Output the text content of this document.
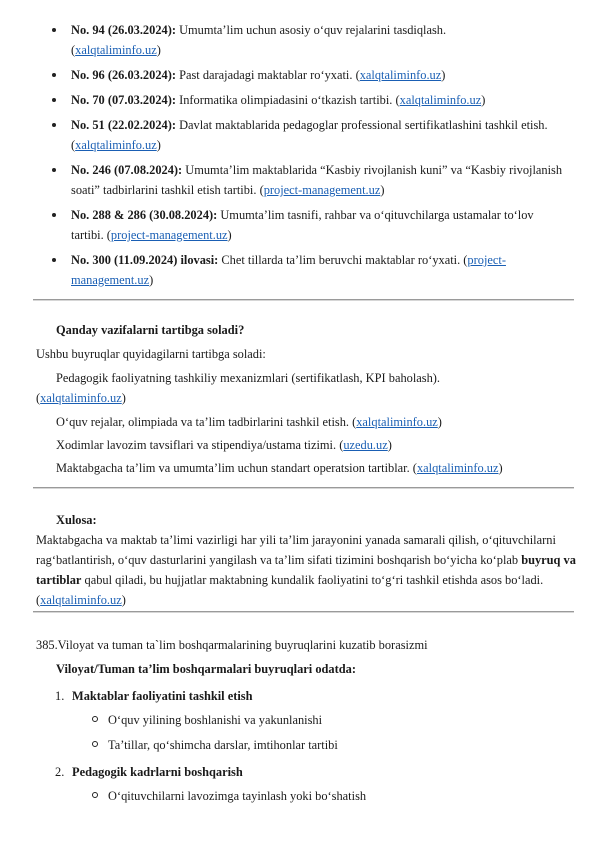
No. 94 (26.03.2024): Umumta’lim uchun asosiy o‘quv rejalarini tasdiqlash.
(xalqtaliminfo.uz)
No. 96 (26.03.2024): Past darajadagi maktablar ro‘yxati. (xalqtaliminfo.uz)
No. 70 (07.03.2024): Informatika olimpiadasini o‘tkazish tartibi. (xalqtaliminfo.uz)
No. 51 (22.02.2024): Davlat maktablarida pedagoglar professional sertifikatlashini tashkil etish. (xalqtaliminfo.uz)
No. 246 (07.08.2024): Umumta’lim maktablarida “Kasbiy rivojlanish kuni” va “Kasbiy rivojlanish soati” tadbirlarini tashkil etish tartibi. (project-management.uz)
No. 288 & 286 (30.08.2024): Umumta’lim tasnifi, rahbar va o‘qituvchilarga ustamalar to‘lov tartibi. (project-management.uz)
No. 300 (11.09.2024) ilovasi: Chet tillarda ta’lim beruvchi maktablar ro‘yxati. (project-management.uz)
Qanday vazifalarni tartibga soladi?
Ushbu buyruqlar quyidagilarni tartibga soladi:
Pedagogik faoliyatning tashkiliy mexanizmlari (sertifikatlash, KPI baholash).
(xalqtaliminfo.uz)
O‘quv rejalar, olimpiada va ta’lim tadbirlarini tashkil etish. (xalqtaliminfo.uz)
Xodimlar lavozim tavsiflari va stipendiya/ustama tizimi. (uzedu.uz)
Maktabgacha ta’lim va umumta’lim uchun standart operatsion tartiblar. (xalqtaliminfo.uz)
Xulosa:
Maktabgacha va maktab ta’limi vazirligi har yili ta’lim jarayonini yanada samarali qilish, o‘qituvchilarni rag‘batlantirish, o‘quv dasturlarini yangilash va ta’lim sifati tizimini boshqarish bo‘yicha ko‘plab buyruq va tartiblar qabul qiladi, bu hujjatlar maktabning kundalik faoliyatini to‘g‘ri tashkil etishda asos bo‘ladi. (xalqtaliminfo.uz)
385.Viloyat va tuman ta`lim boshqarmalarining buyruqlarini kuzatib borasizmi
Viloyat/Tuman ta’lim boshqarmalari buyruqlari odatda:
1. Maktablar faoliyatini tashkil etish
O‘quv yilining boshlanishi va yakunlanishi
Ta’tillar, qo‘shimcha darslar, imtihonlar tartibi
2. Pedagogik kadrlarni boshqarish
O‘qituvchilarni lavozimga tayinlash yoki bo‘shatish
